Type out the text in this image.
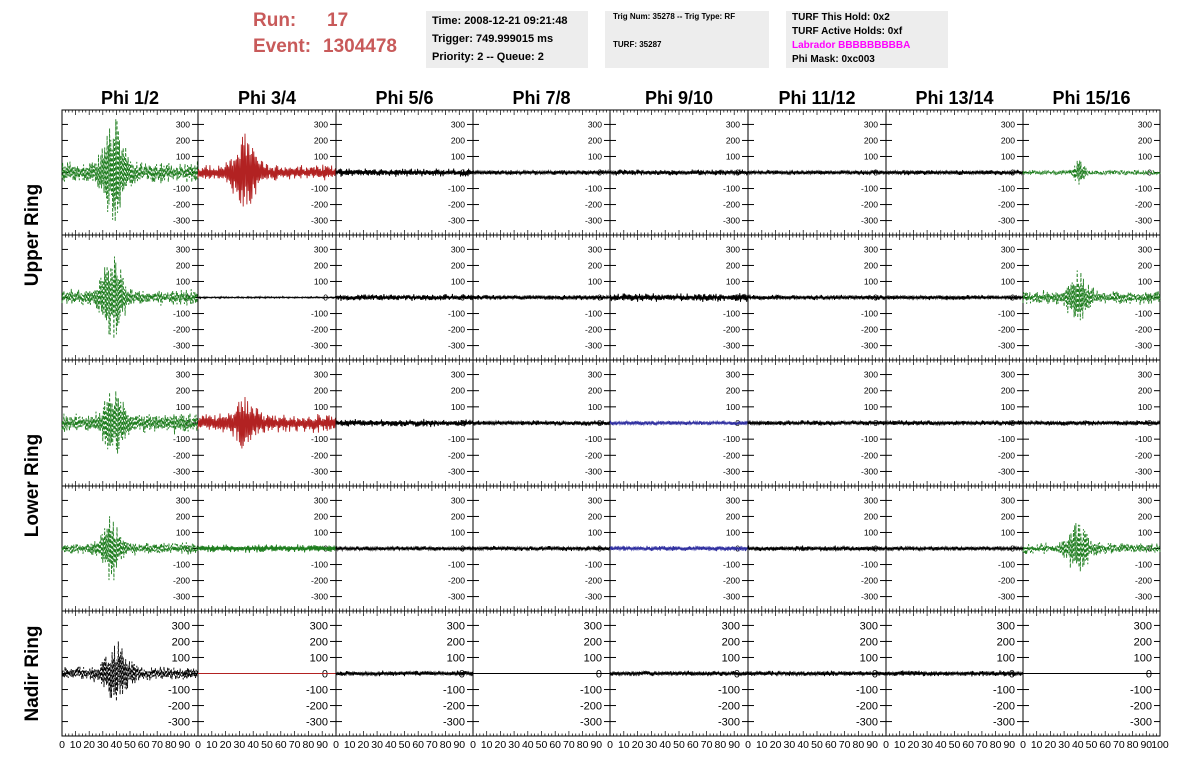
Run: 17
Event: 1304478
Time: 2008-12-21 09:21:48
Trigger: 749.999015 ms
Priority: 2 -- Queue: 2
Trig Num: 35278 -- Trig Type: RF
TURF: 35287
TURF This Hold: 0x2
TURF Active Holds: 0xf
Labrador BBBBBBBBBA
Phi Mask: 0xc003
Phi 1/2	Phi 3/4	Phi 5/6	Phi 7/8	Phi 9/10	Phi 11/12	Phi 13/14	Phi 15/16
Upper Ring
Lower Ring
Nadir Ring
300
200
100
0
-100
-200
-300
300
200
100
0
-100
-200
-300
300
200
100
0
-100
-200
-300
300
200
100
0
-100
-200
-300
300
200
100
0
-100
-200
-300
300
200
100
0
-100
-200
-300
300
200
100
0
-100
-200
-300
300
200
100
0
-100
-200
-300
300
200
100
0
-100
-200
-300
300
200
100
0
-100
-200
-300
300
200
100
0
-100
-200
-300
300
200
100
0
-100
-200
-300
300
200
100
0
-100
-200
-300
300
200
100
0
-100
-200
-300
300
200
100
0
-100
-200
-300
300
200
100
0
-100
-200
-300
300
200
100
0
-100
-200
-300
300
200
100
0
-100
-200
-300
300
200
100
0
-100
-200
-300
300
200
100
0
-100
-200
-300
300
200
100
0
-100
-200
-300
300
200
100
0
-100
-200
-300
300
200
100
0
-100
-200
-300
300
200
100
0
-100
-200
-300
300
200
100
0
-100
-200
-300
300
200
100
0
-100
-200
-300
300
200
100
0
-100
-200
-300
300
200
100
0
-100
-200
-300
300
200
100
0
-100
-200
-300
300
200
100
0
-100
-200
-300
300
200
100
0
-100
-200
-300
300
200
100
0
-100
-200
-300
300
200
100
0
-100
-200
-300
300
200
100
0
-100
-200
-300
300
200
100
0
-100
-200
-300
300
200
100
0
-100
-200
-300
300
200
100
0
-100
-200
-300
300
200
100
0
-100
-200
-300
300
200
100
0
-100
-200
-300
300
200
100
0
-100
-200
-300
0 10 20 30 40 50 60 70 80 90 0 10 20 30 40 50 60 70 80 90 0 10 20 30 40 50 60 70 80 90 0 10 20 30 40 50 60 70 80 90 0 10 20 30 40 50 60 70 80 90 0 10 20 30 40 50 60 70 80 90 0 10 20 30 40 50 60 70 80 90 0 10 20 30 40 50 60 70 80 90 100
